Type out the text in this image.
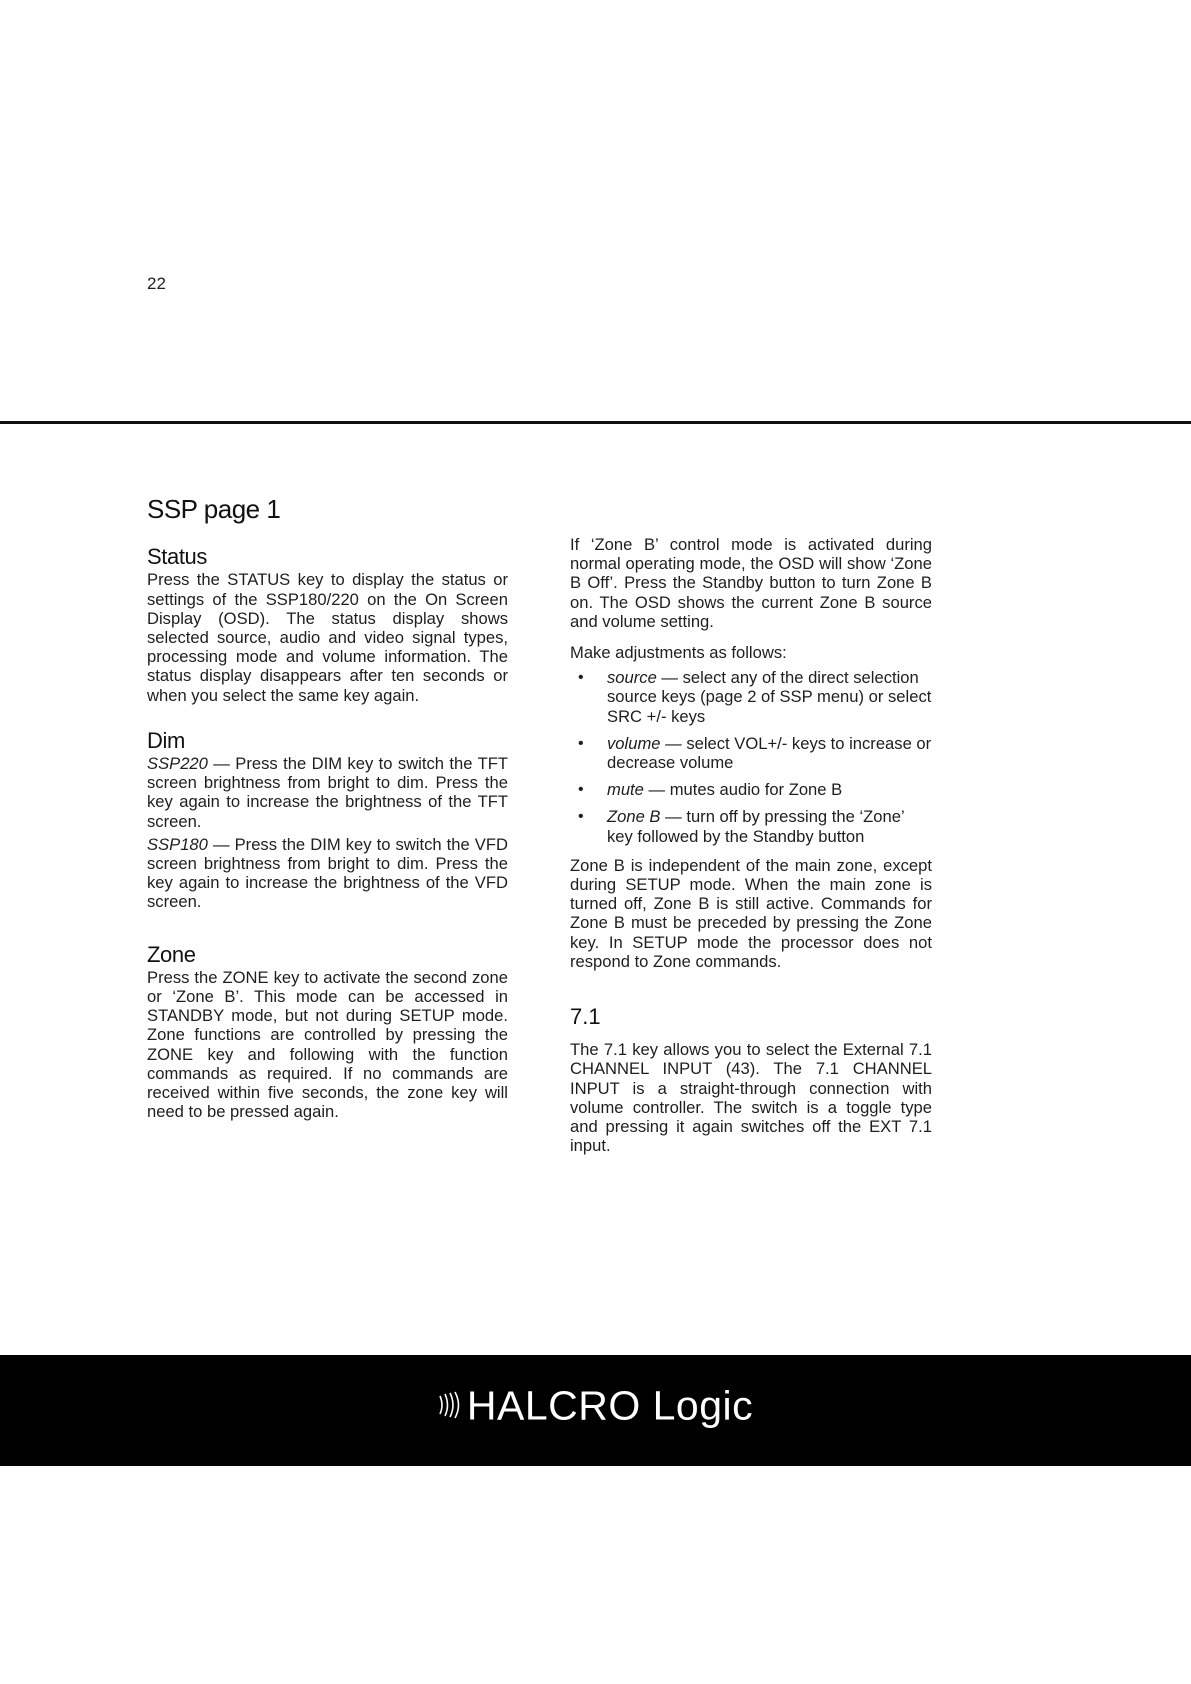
22
SSP page 1
Status

Press the STATUS key to display the status or settings of the SSP180/220 on the On Screen Display (OSD). The status display shows selected source, audio and video signal types, processing mode and volume information. The status display disappears after ten seconds or when you select the same key again.

Dim

SSP220 — Press the DIM key to switch the TFT screen brightness from bright to dim. Press the key again to increase the brightness of the TFT screen.

SSP180 — Press the DIM key to switch the VFD screen brightness from bright to dim. Press the key again to increase the brightness of the VFD screen.

Zone

Press the ZONE key to activate the second zone or ‘Zone B’. This mode can be accessed in STANDBY mode, but not during SETUP mode. Zone functions are controlled by pressing the ZONE key and following with the function commands as required. If no commands are received within five seconds, the zone key will need to be pressed again.

If ‘Zone B’ control mode is activated during normal operating mode, the OSD will show ‘Zone B Off’. Press the Standby button to turn Zone B on. The OSD shows the current Zone B source and volume setting.

Make adjustments as follows:

• source — select any of the direct selection source keys (page 2 of SSP menu) or select SRC +/- keys
• volume — select VOL+/- keys to increase or decrease volume
• mute — mutes audio for Zone B
• Zone B — turn off by pressing the ‘Zone’ key followed by the Standby button

Zone B is independent of the main zone, except during SETUP mode. When the main zone is turned off, Zone B is still active. Commands for Zone B must be preceded by pressing the Zone key. In SETUP mode the processor does not respond to Zone commands.

7.1

The 7.1 key allows you to select the External 7.1 CHANNEL INPUT (43). The 7.1 CHANNEL INPUT is a straight-through connection with volume controller. The switch is a toggle type and pressing it again switches off the EXT 7.1 input.

HALCRO Logic
